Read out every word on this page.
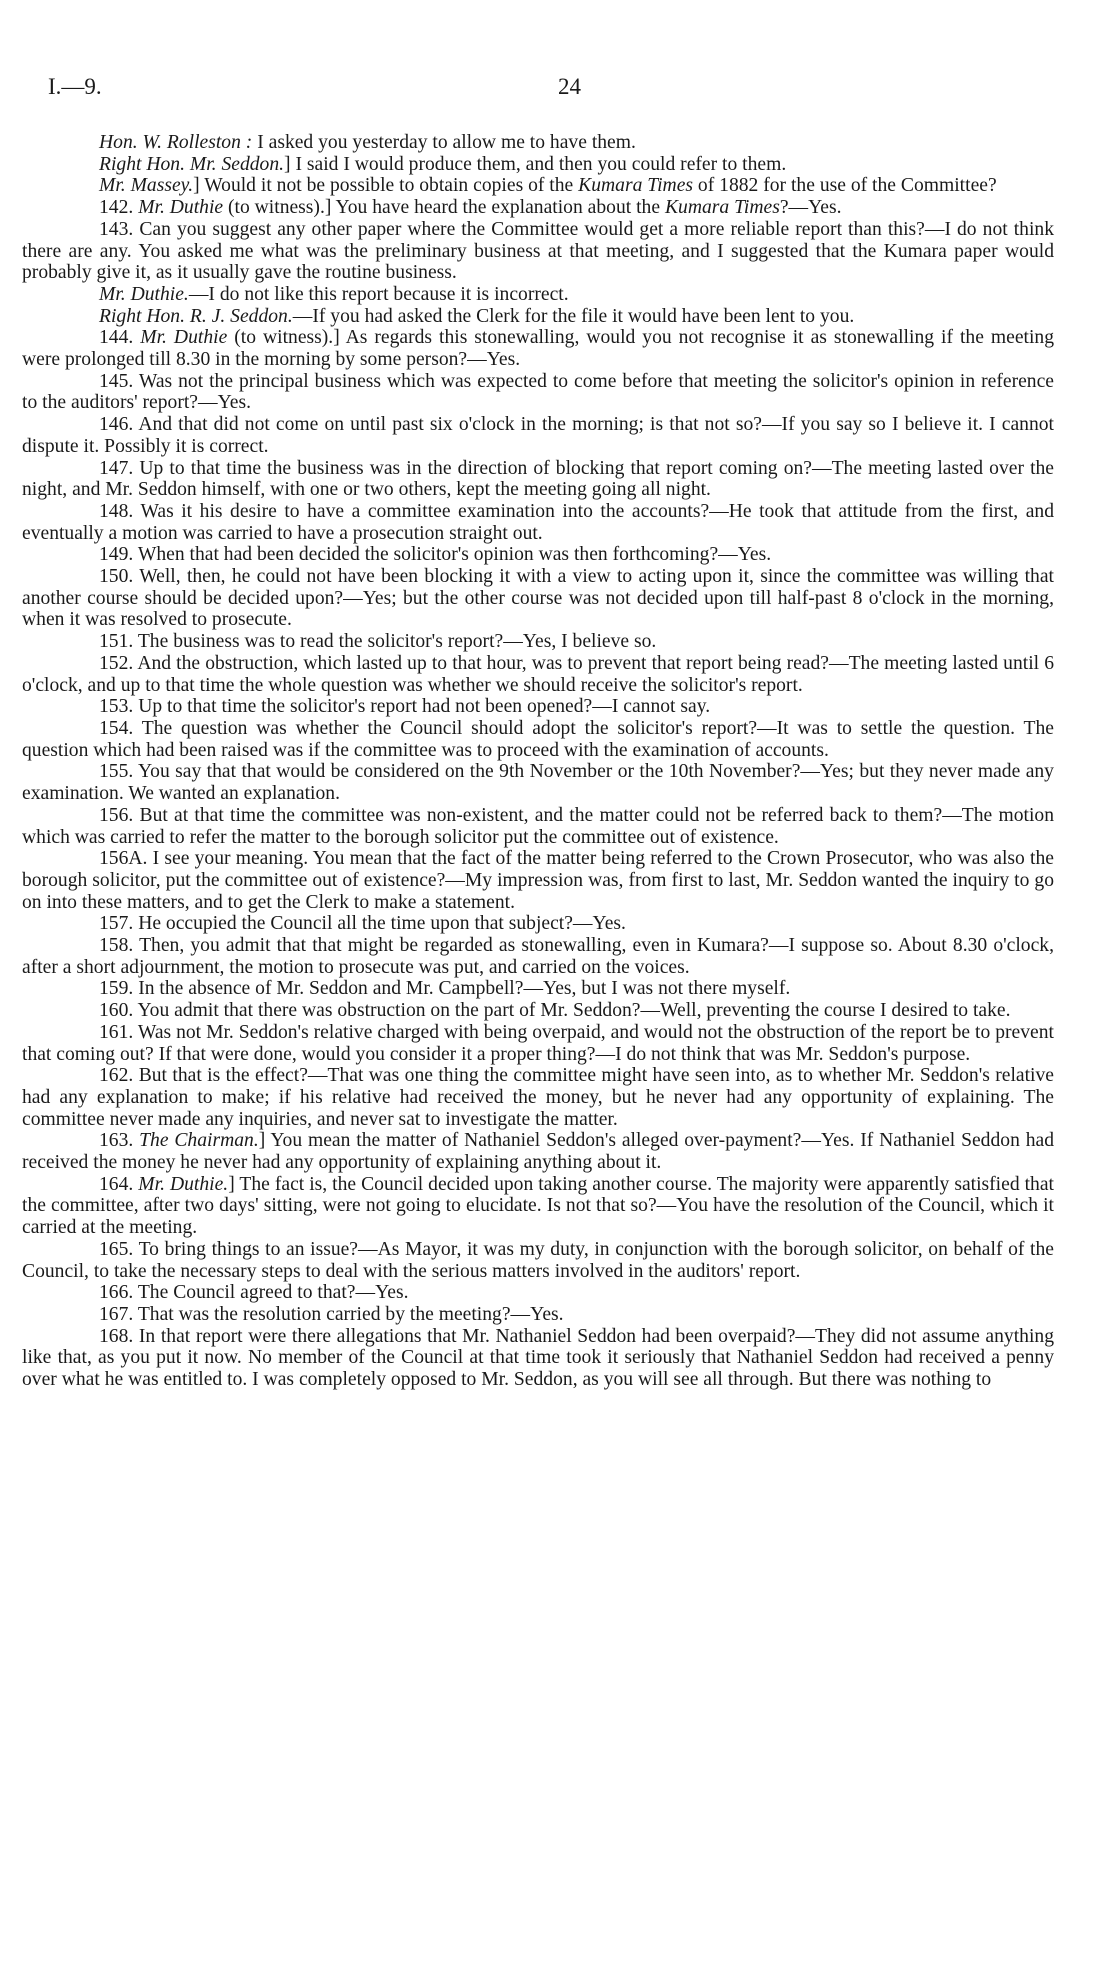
I.—9.	24

Hon. W. Rolleston : I asked you yesterday to allow me to have them.

Right Hon. Mr. Seddon.] I said I would produce them, and then you could refer to them.

Mr. Massey.] Would it not be possible to obtain copies of the Kumara Times of 1882 for the use of the Committee?

142. Mr. Duthie (to witness).] You have heard the explanation about the Kumara Times?—Yes.

143. Can you suggest any other paper where the Committee would get a more reliable report than this?—I do not think there are any. You asked me what was the preliminary business at that meeting, and I suggested that the Kumara paper would probably give it, as it usually gave the routine business.

Mr. Duthie.—I do not like this report because it is incorrect.

Right Hon. R. J. Seddon.—If you had asked the Clerk for the file it would have been lent to you.

144. Mr. Duthie (to witness).] As regards this stonewalling, would you not recognise it as stonewalling if the meeting were prolonged till 8.30 in the morning by some person?—Yes.

145. Was not the principal business which was expected to come before that meeting the solicitor's opinion in reference to the auditors' report?—Yes.

146. And that did not come on until past six o'clock in the morning; is that not so?—If you say so I believe it. I cannot dispute it. Possibly it is correct.

147. Up to that time the business was in the direction of blocking that report coming on?—The meeting lasted over the night, and Mr. Seddon himself, with one or two others, kept the meeting going all night.

148. Was it his desire to have a committee examination into the accounts?—He took that attitude from the first, and eventually a motion was carried to have a prosecution straight out.

149. When that had been decided the solicitor's opinion was then forthcoming?—Yes.

150. Well, then, he could not have been blocking it with a view to acting upon it, since the committee was willing that another course should be decided upon?—Yes; but the other course was not decided upon till half-past 8 o'clock in the morning, when it was resolved to prosecute.

151. The business was to read the solicitor's report?—Yes, I believe so.

152. And the obstruction, which lasted up to that hour, was to prevent that report being read?—The meeting lasted until 6 o'clock, and up to that time the whole question was whether we should receive the solicitor's report.

153. Up to that time the solicitor's report had not been opened?—I cannot say.

154. The question was whether the Council should adopt the solicitor's report?—It was to settle the question. The question which had been raised was if the committee was to proceed with the examination of accounts.

155. You say that that would be considered on the 9th November or the 10th November?—Yes; but they never made any examination. We wanted an explanation.

156. But at that time the committee was non-existent, and the matter could not be referred back to them?—The motion which was carried to refer the matter to the borough solicitor put the committee out of existence.

156A. I see your meaning. You mean that the fact of the matter being referred to the Crown Prosecutor, who was also the borough solicitor, put the committee out of existence?—My impression was, from first to last, Mr. Seddon wanted the inquiry to go on into these matters, and to get the Clerk to make a statement.

157. He occupied the Council all the time upon that subject?—Yes.

158. Then, you admit that that might be regarded as stonewalling, even in Kumara?—I suppose so. About 8.30 o'clock, after a short adjournment, the motion to prosecute was put, and carried on the voices.

159. In the absence of Mr. Seddon and Mr. Campbell?—Yes, but I was not there myself.

160. You admit that there was obstruction on the part of Mr. Seddon?—Well, preventing the course I desired to take.

161. Was not Mr. Seddon's relative charged with being overpaid, and would not the obstruction of the report be to prevent that coming out? If that were done, would you consider it a proper thing?—I do not think that was Mr. Seddon's purpose.

162. But that is the effect?—That was one thing the committee might have seen into, as to whether Mr. Seddon's relative had any explanation to make; if his relative had received the money, but he never had any opportunity of explaining. The committee never made any inquiries, and never sat to investigate the matter.

163. The Chairman.] You mean the matter of Nathaniel Seddon's alleged over-payment?—Yes. If Nathaniel Seddon had received the money he never had any opportunity of explaining anything about it.

164. Mr. Duthie.] The fact is, the Council decided upon taking another course. The majority were apparently satisfied that the committee, after two days' sitting, were not going to elucidate. Is not that so?—You have the resolution of the Council, which it carried at the meeting.

165. To bring things to an issue?—As Mayor, it was my duty, in conjunction with the borough solicitor, on behalf of the Council, to take the necessary steps to deal with the serious matters involved in the auditors' report.

166. The Council agreed to that?—Yes.

167. That was the resolution carried by the meeting?—Yes.

168. In that report were there allegations that Mr. Nathaniel Seddon had been overpaid?—They did not assume anything like that, as you put it now. No member of the Council at that time took it seriously that Nathaniel Seddon had received a penny over what he was entitled to. I was completely opposed to Mr. Seddon, as you will see all through. But there was nothing to
